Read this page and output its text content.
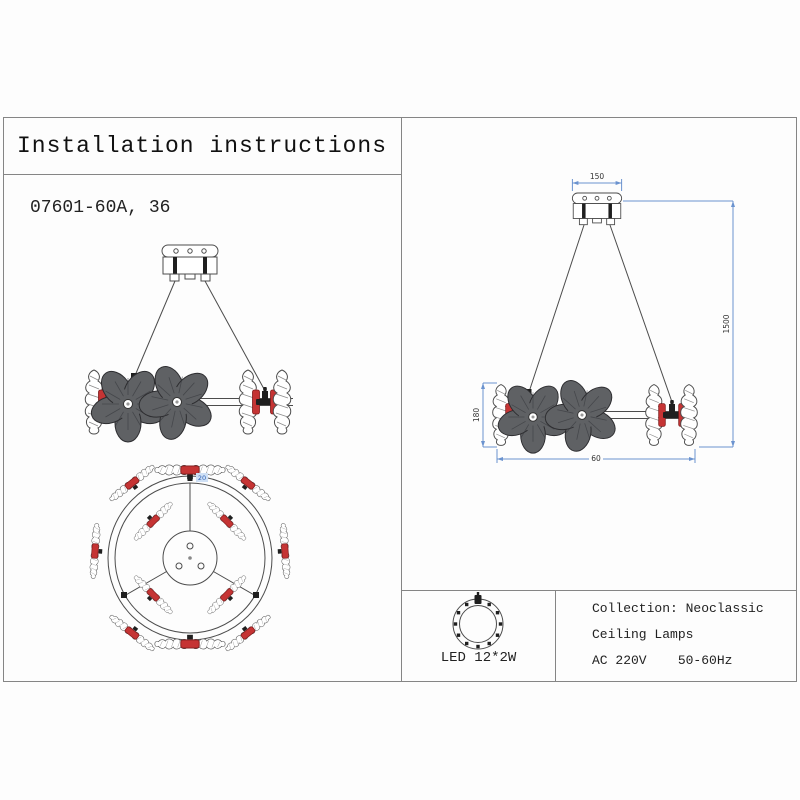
Installation instructions
07601-60A, 36
20
150
1500
180
60
LED 12*2W
Collection: Neoclassic
Ceiling Lamps
AC 220V    50-60Hz
